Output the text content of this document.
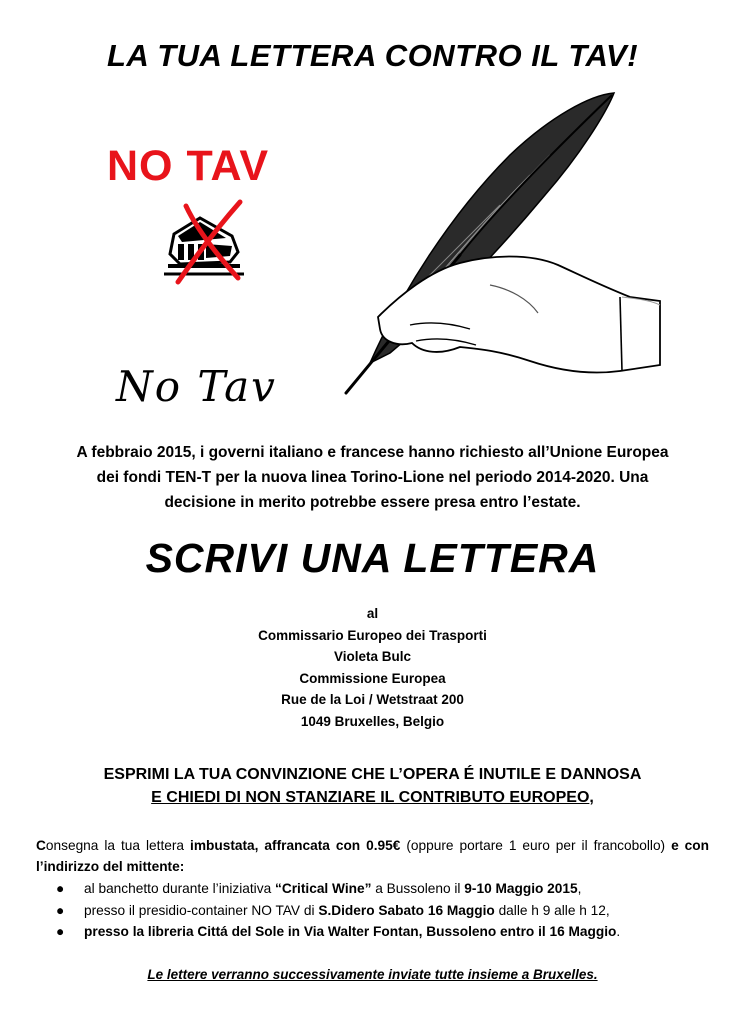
LA TUA LETTERA CONTRO IL TAV!
NO TAV
No Tav
A febbraio 2015, i governi italiano e francese hanno richiesto all’Unione Europea
dei fondi TEN-T per la nuova linea Torino-Lione nel periodo 2014-2020. Una
decisione in merito potrebbe essere presa entro l’estate.
SCRIVI UNA LETTERA
al
Commissario Europeo dei Trasporti
Violeta Bulc
Commissione Europea
Rue de la Loi / Wetstraat 200
1049 Bruxelles, Belgio
ESPRIMI LA TUA CONVINZIONE CHE L’OPERA É INUTILE E DANNOSA
E CHIEDI DI NON STANZIARE IL CONTRIBUTO EUROPEO,
Consegna la tua lettera imbustata, affrancata con 0.95€ (oppure portare 1 euro per il francobollo) e con l’indirizzo del mittente:
● al banchetto durante l’iniziativa “Critical Wine” a Bussoleno il 9-10 Maggio 2015,
● presso il presidio-container NO TAV di S.Didero Sabato 16 Maggio dalle h 9 alle h 12,
● presso la libreria Cittá del Sole in Via Walter Fontan, Bussoleno entro il 16 Maggio.
Le lettere verranno successivamente inviate tutte insieme a Bruxelles.
